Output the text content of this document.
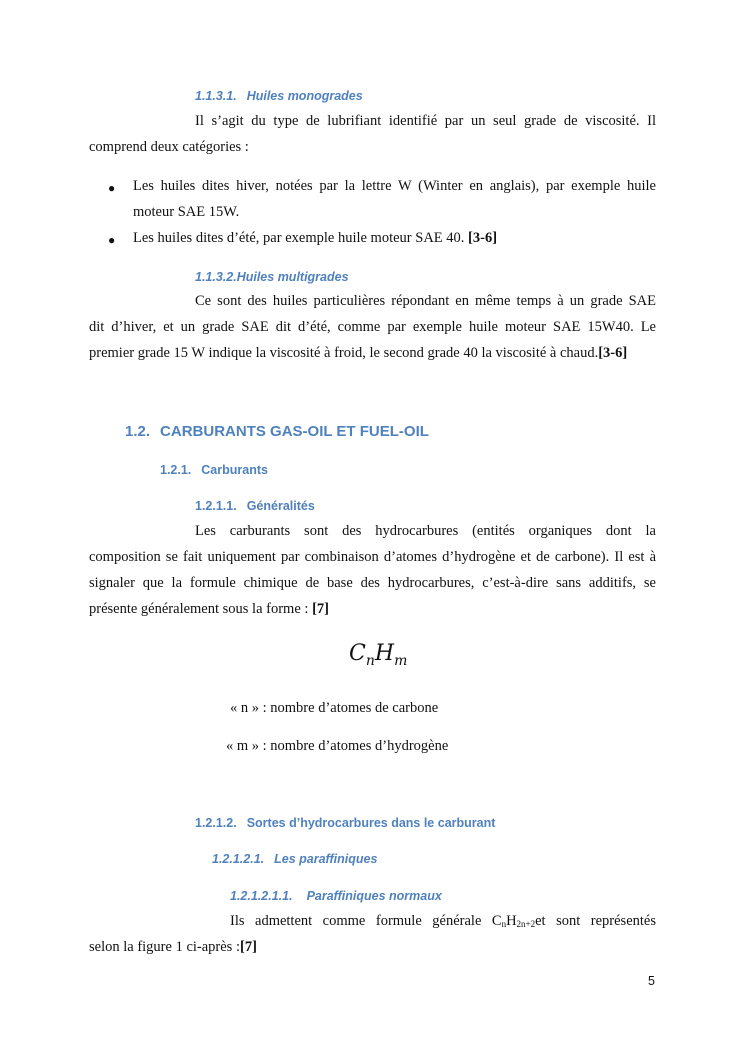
1.1.3.1. Huiles monogrades
Il s’agit du type de lubrifiant identifié par un seul grade de viscosité. Il
comprend deux catégories :
● Les huiles dites hiver, notées par la lettre W (Winter en anglais), par exemple huile
moteur SAE 15W.
● Les huiles dites d’été, par exemple huile moteur SAE 40. [3-6]
1.1.3.2.Huiles multigrades
Ce sont des huiles particulières répondant en même temps à un grade SAE
dit d’hiver, et un grade SAE dit d’été, comme par exemple huile moteur SAE 15W40. Le
premier grade 15 W indique la viscosité à froid, le second grade 40 la viscosité à chaud.[3-6]
1.2. CARBURANTS GAS-OIL ET FUEL-OIL
1.2.1. Carburants
1.2.1.1. Généralités
Les carburants sont des hydrocarbures (entités organiques dont la
composition se fait uniquement par combinaison d’atomes d’hydrogène et de carbone). Il est à
signaler que la formule chimique de base des hydrocarbures, c’est-à-dire sans additifs, se
présente généralement sous la forme : [7]
$C_nH_m$
« n » : nombre d’atomes de carbone
« m » : nombre d’atomes d’hydrogène
1.2.1.2. Sortes d’hydrocarbures dans le carburant
1.2.1.2.1. Les paraffiniques
1.2.1.2.1.1. Paraffiniques normaux
Ils admettent comme formule générale $C_nH_{2n+2}et$ sont représentés
selon la figure 1 ci-après :[7]
5
